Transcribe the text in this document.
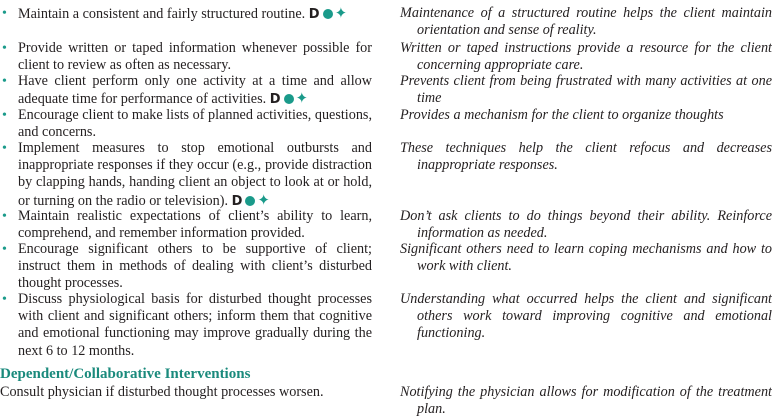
• Maintain a consistent and fairly structured routine. D ✦	Maintenance of a structured routine helps the client maintain orientation and sense of reality.
• Provide written or taped information whenever possible for client to review as often as necessary.
Written or taped instructions provide a resource for the client concerning appropriate care.
• Have client perform only one activity at a time and allow adequate time for performance of activities. D ✦
Prevents client from being frustrated with many activities at one time
• Encourage client to make lists of planned activities, questions, and concerns.
Provides a mechanism for the client to organize thoughts
• Implement measures to stop emotional outbursts and inappropriate responses if they occur (e.g., provide distraction by clapping hands, handing client an object to look at or hold, or turning on the radio or television). D ✦
These techniques help the client refocus and decreases inappropriate responses.
• Maintain realistic expectations of client’s ability to learn, comprehend, and remember information provided.
Don’t ask clients to do things beyond their ability. Reinforce information as needed.
• Encourage significant others to be supportive of client; instruct them in methods of dealing with client’s disturbed thought processes.
Significant others need to learn coping mechanisms and how to work with client.
• Discuss physiological basis for disturbed thought processes with client and significant others; inform them that cognitive and emotional functioning may improve gradually during the next 6 to 12 months.
Understanding what occurred helps the client and significant others work toward improving cognitive and emotional functioning.
Dependent/Collaborative Interventions
Consult physician if disturbed thought processes worsen.	Notifying the physician allows for modification of the treatment plan.
